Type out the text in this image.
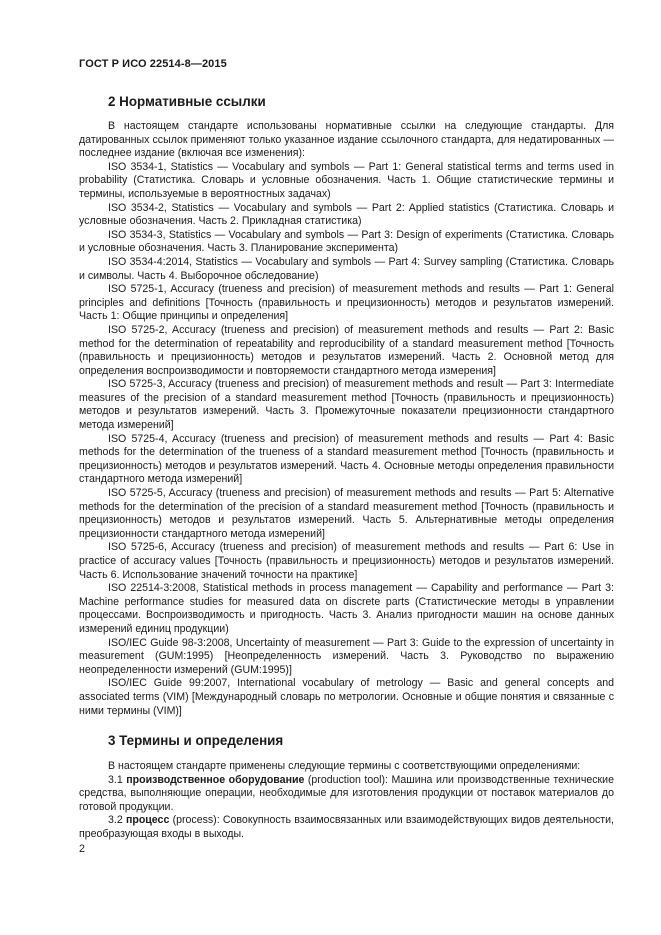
ГОСТ Р ИСО 22514-8—2015
2 Нормативные ссылки

В настоящем стандарте использованы нормативные ссылки на следующие стандарты. Для датированных ссылок применяют только указанное издание ссылочного стандарта, для недатированных — последнее издание (включая все изменения):

ISO 3534-1, Statistics — Vocabulary and symbols — Part 1: General statistical terms and terms used in probability (Статистика. Словарь и условные обозначения. Часть 1. Общие статистические термины и термины, используемые в вероятностных задачах)

ISO 3534-2, Statistics — Vocabulary and symbols — Part 2: Applied statistics (Статистика. Словарь и условные обозначения. Часть 2. Прикладная статистика)

ISO 3534-3, Statistics — Vocabulary and symbols — Part 3: Design of experiments (Статистика. Словарь и условные обозначения. Часть 3. Планирование эксперимента)

ISO 3534-4:2014, Statistics — Vocabulary and symbols — Part 4: Survey sampling (Статистика. Словарь и символы. Часть 4. Выборочное обследование)

ISO 5725-1, Accuracy (trueness and precision) of measurement methods and results — Part 1: General principles and definitions [Точность (правильность и прецизионность) методов и результатов измерений. Часть 1: Общие принципы и определения]

ISO 5725-2, Accuracy (trueness and precision) of measurement methods and results — Part 2: Basic method for the determination of repeatability and reproducibility of a standard measurement method [Точность (правильность и прецизионность) методов и результатов измерений. Часть 2. Основной метод для определения воспроизводимости и повторяемости стандартного метода измерения]

ISO 5725-3, Accuracy (trueness and precision) of measurement methods and result — Part 3: Intermediate measures of the precision of a standard measurement method [Точность (правильность и прецизионность) методов и результатов измерений. Часть 3. Промежуточные показатели прецизионности стандартного метода измерений]

ISO 5725-4, Accuracy (trueness and precision) of measurement methods and results — Part 4: Basic methods for the determination of the trueness of a standard measurement method [Точность (правильность и прецизионность) методов и результатов измерений. Часть 4. Основные методы определения правильности стандартного метода измерений]

ISO 5725-5, Accuracy (trueness and precision) of measurement methods and results — Part 5: Alternative methods for the determination of the precision of a standard measurement method [Точность (правильность и прецизионность) методов и результатов измерений. Часть 5. Альтернативные методы определения прецизионности стандартного метода измерений]

ISO 5725-6, Accuracy (trueness and precision) of measurement methods and results — Part 6: Use in practice of accuracy values [Точность (правильность и прецизионность) методов и результатов измерений. Часть 6. Использование значений точности на практике]

ISO 22514-3:2008, Statistical methods in process management — Capability and performance — Part 3: Machine performance studies for measured data on discrete parts (Статистические методы в управлении процессами. Воспроизводимость и пригодность. Часть 3. Анализ пригодности машин на основе данных измерений единиц продукции)

ISO/IEC Guide 98-3:2008, Uncertainty of measurement — Part 3: Guide to the expression of uncertainty in measurement (GUM:1995) [Неопределенность измерений. Часть 3. Руководство по выражению неопределенности измерений (GUM:1995)]

ISO/IEC Guide 99:2007, International vocabulary of metrology — Basic and general concepts and associated terms (VIM) [Международный словарь по метрологии. Основные и общие понятия и связанные с ними термины (VIM)]

3 Термины и определения

В настоящем стандарте применены следующие термины с соответствующими определениями:

3.1 производственное оборудование (production tool): Машина или производственные технические средства, выполняющие операции, необходимые для изготовления продукции от поставок материалов до готовой продукции.

3.2 процесс (process): Совокупность взаимосвязанных или взаимодействующих видов деятельности, преобразующая входы в выходы.

2
